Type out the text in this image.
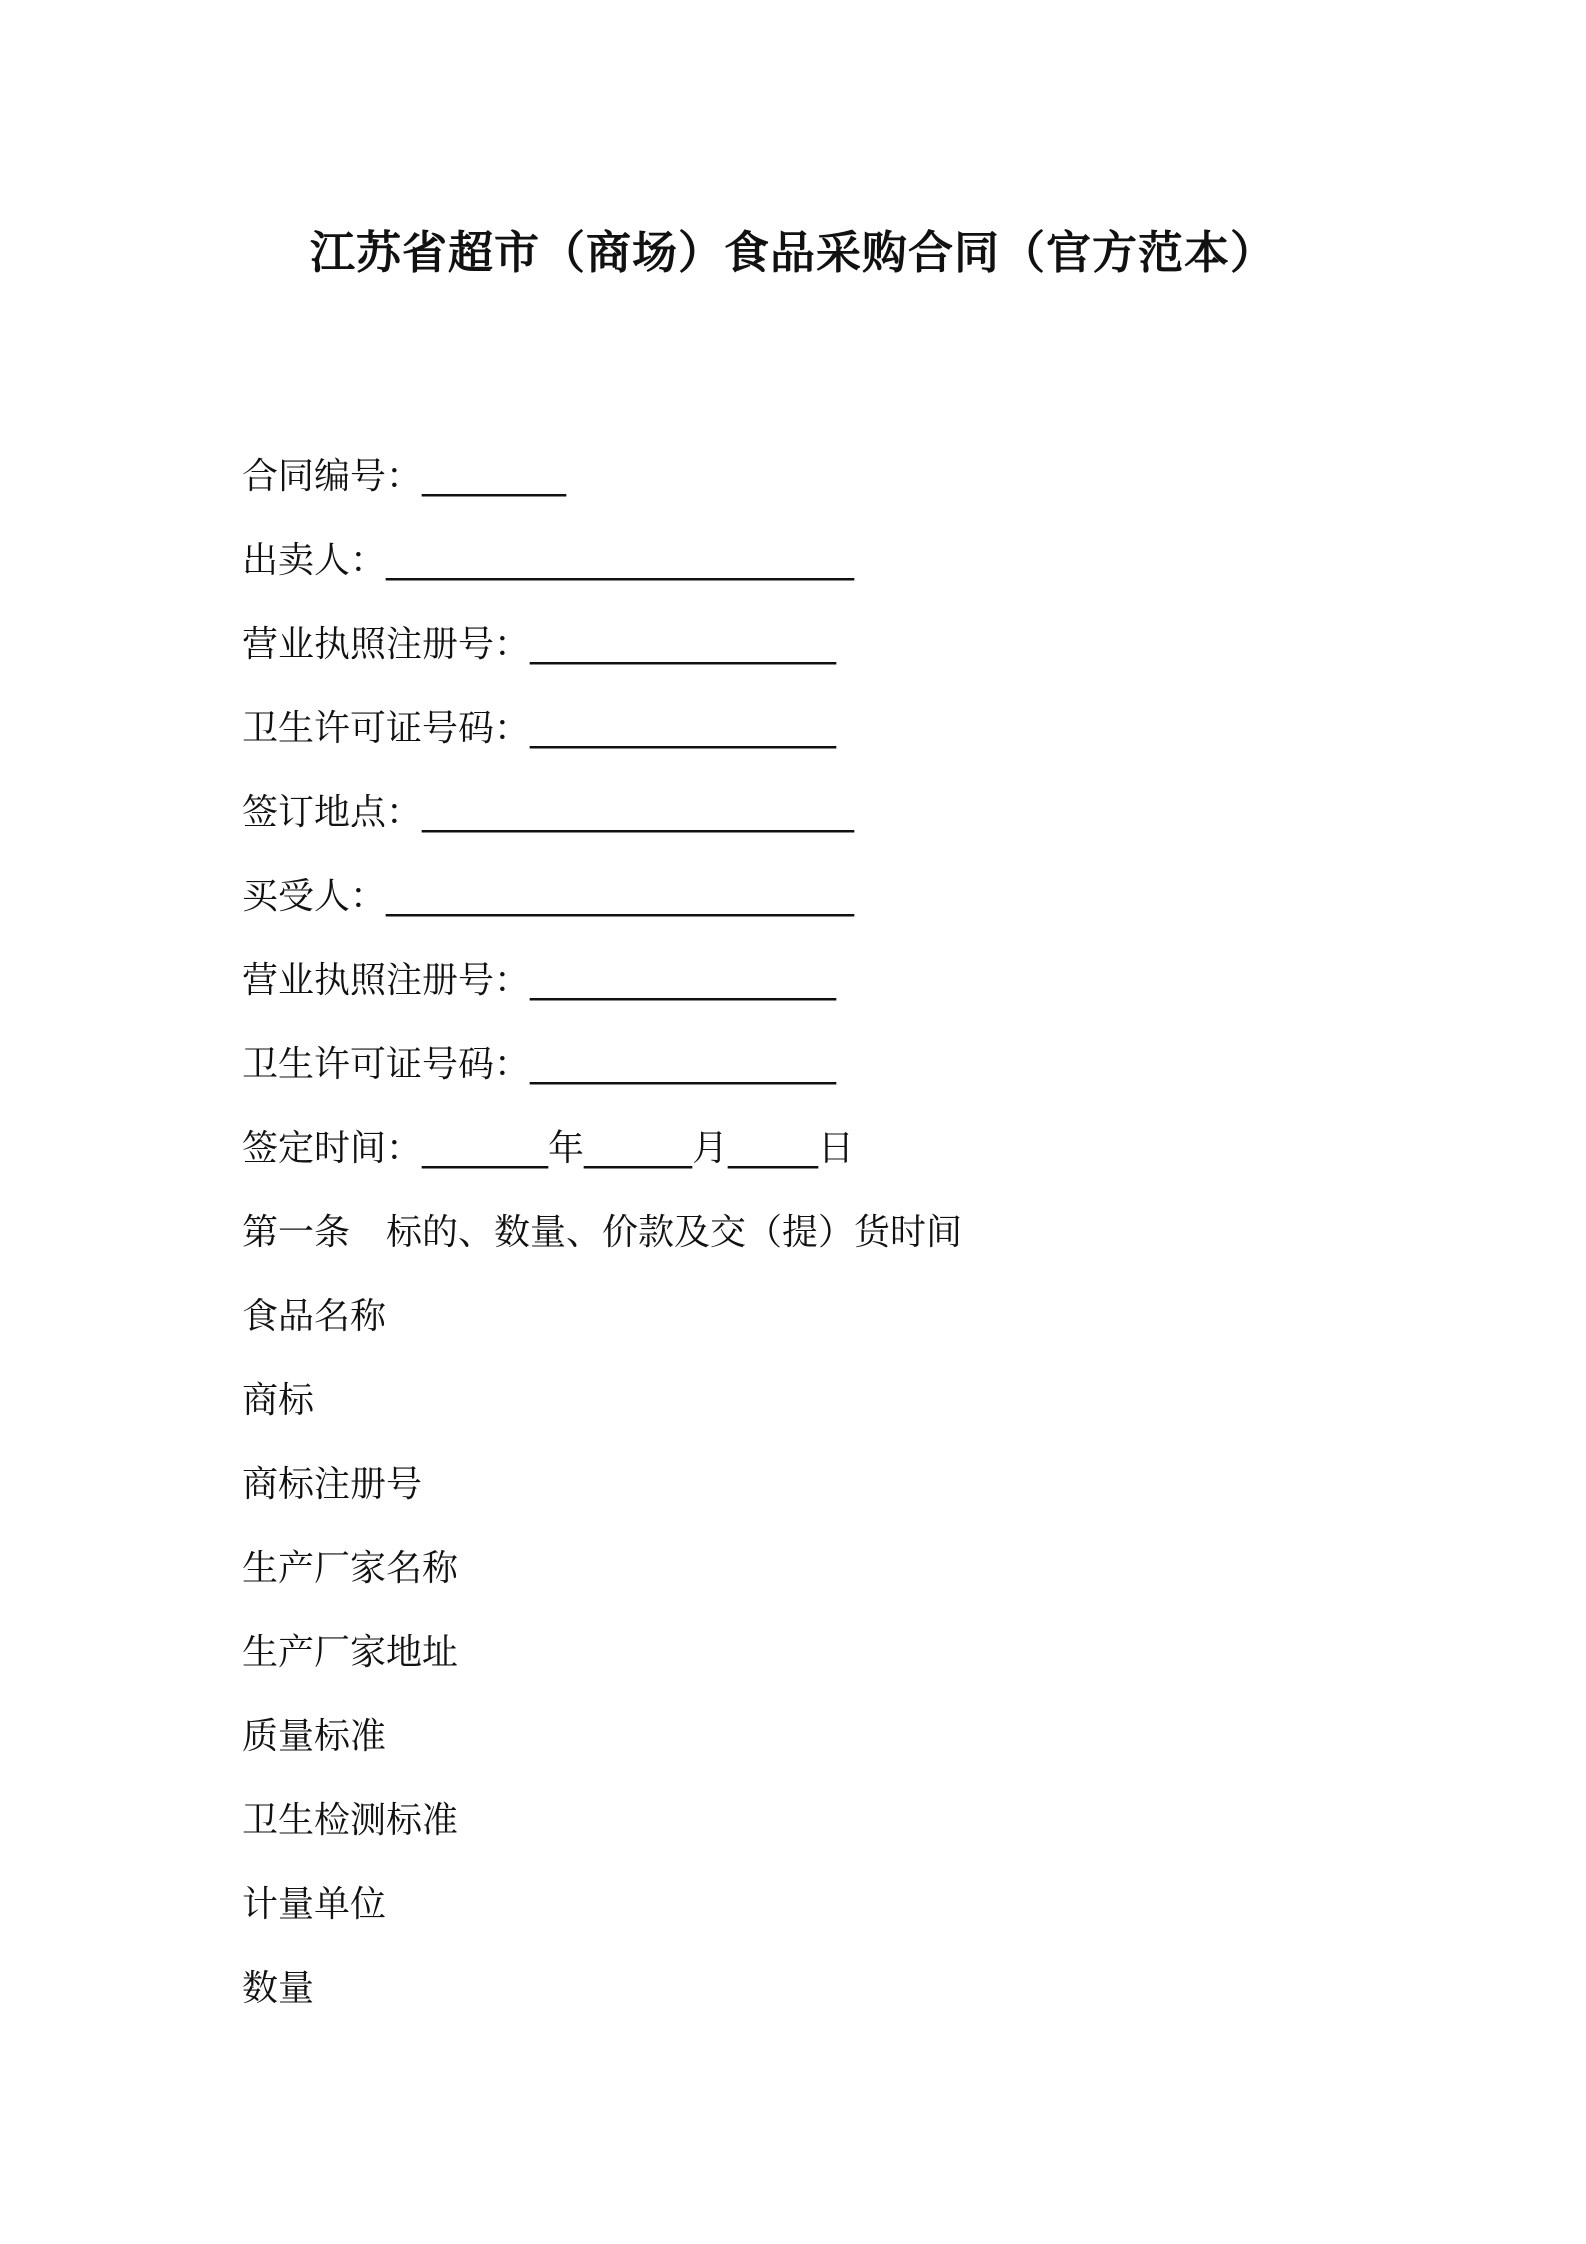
江苏省超市（商场）食品采购合同（官方范本）
合同编号：________
出卖人：__________________________
营业执照注册号：_________________
卫生许可证号码：_________________
签订地点：________________________
买受人：__________________________
营业执照注册号：_________________
卫生许可证号码：_________________
签定时间：_______年______月_____日
第一条　标的、数量、价款及交（提）货时间
食品名称
商标
商标注册号
生产厂家名称
生产厂家地址
质量标准
卫生检测标准
计量单位
数量
